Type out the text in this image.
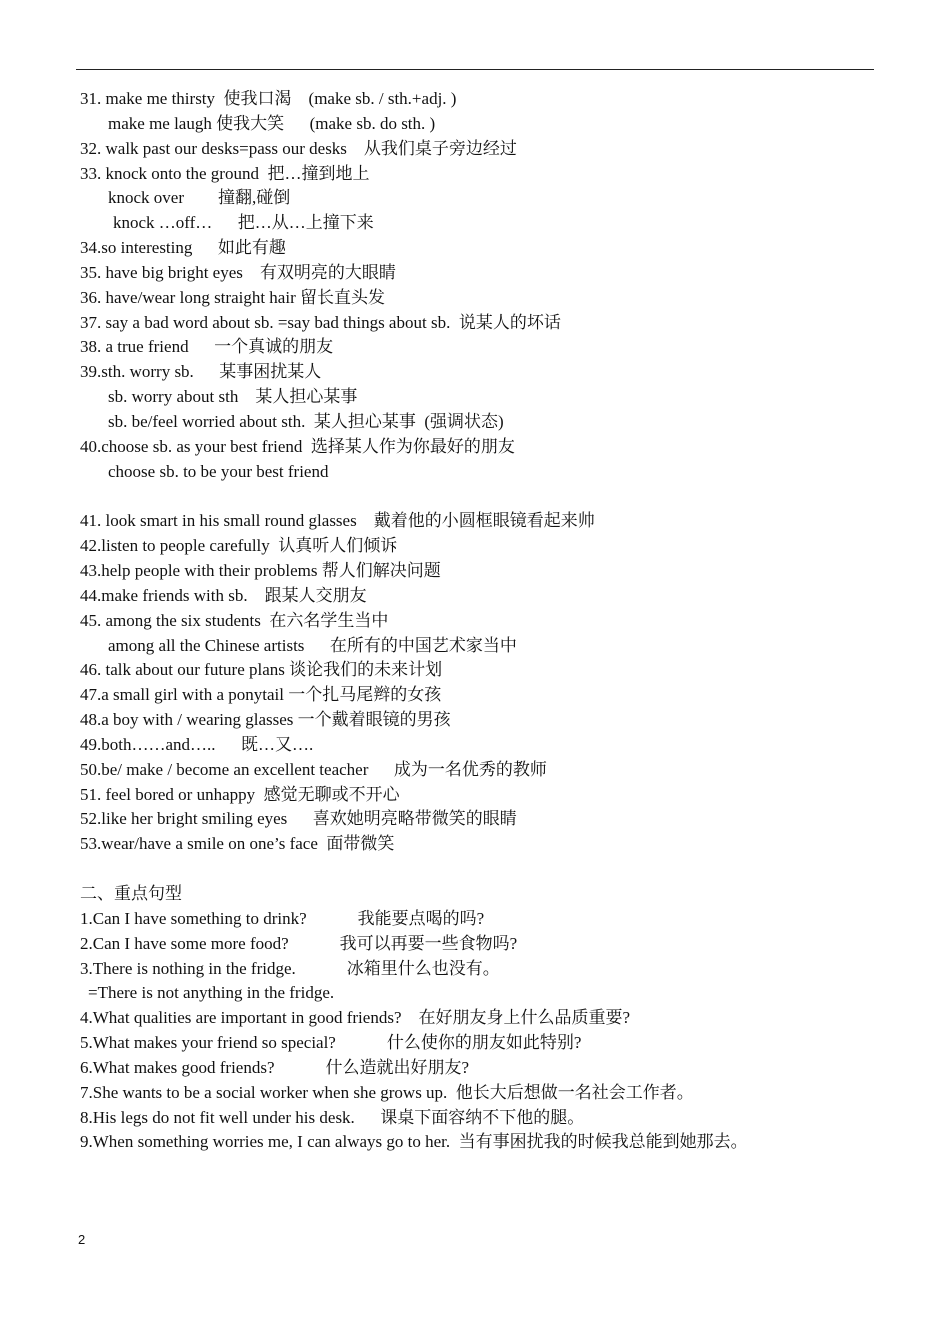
31. make me thirsty  使我口渴    (make sb. / sth.+adj. )
make me laugh 使我大笑      (make sb. do sth. )
32. walk past our desks=pass our desks    从我们桌子旁边经过
33. knock onto the ground  把…撞到地上
knock over        撞翻,碰倒
knock …off…      把…从…上撞下来
34.so interesting      如此有趣
35. have big bright eyes    有双明亮的大眼睛
36. have/wear long straight hair 留长直头发
37. say a bad word about sb. =say bad things about sb.  说某人的坏话
38. a true friend      一个真诚的朋友
39.sth. worry sb.      某事困扰某人
sb. worry about sth    某人担心某事
sb. be/feel worried about sth.  某人担心某事  (强调状态)
40.choose sb. as your best friend  选择某人作为你最好的朋友
choose sb. to be your best friend
41. look smart in his small round glasses    戴着他的小圆框眼镜看起来帅
42.listen to people carefully  认真听人们倾诉
43.help people with their problems 帮人们解决问题
44.make friends with sb.    跟某人交朋友
45. among the six students  在六名学生当中
among all the Chinese artists      在所有的中国艺术家当中
46. talk about our future plans 谈论我们的未来计划
47.a small girl with a ponytail 一个扎马尾辫的女孩
48.a boy with / wearing glasses 一个戴着眼镜的男孩
49.both……and…..      既…又….
50.be/ make / become an excellent teacher      成为一名优秀的教师
51. feel bored or unhappy  感觉无聊或不开心
52.like her bright smiling eyes      喜欢她明亮略带微笑的眼睛
53.wear/have a smile on one’s face  面带微笑
二、重点句型
1.Can I have something to drink?            我能要点喝的吗?
2.Can I have some more food?            我可以再要一些食物吗?
3.There is nothing in the fridge.            冰箱里什么也没有。
=There is not anything in the fridge.
4.What qualities are important in good friends?    在好朋友身上什么品质重要?
5.What makes your friend so special?            什么使你的朋友如此特别?
6.What makes good friends?            什么造就出好朋友?
7.She wants to be a social worker when she grows up.  他长大后想做一名社会工作者。
8.His legs do not fit well under his desk.      课桌下面容纳不下他的腿。
9.When something worries me, I can always go to her.  当有事困扰我的时候我总能到她那去。
2
